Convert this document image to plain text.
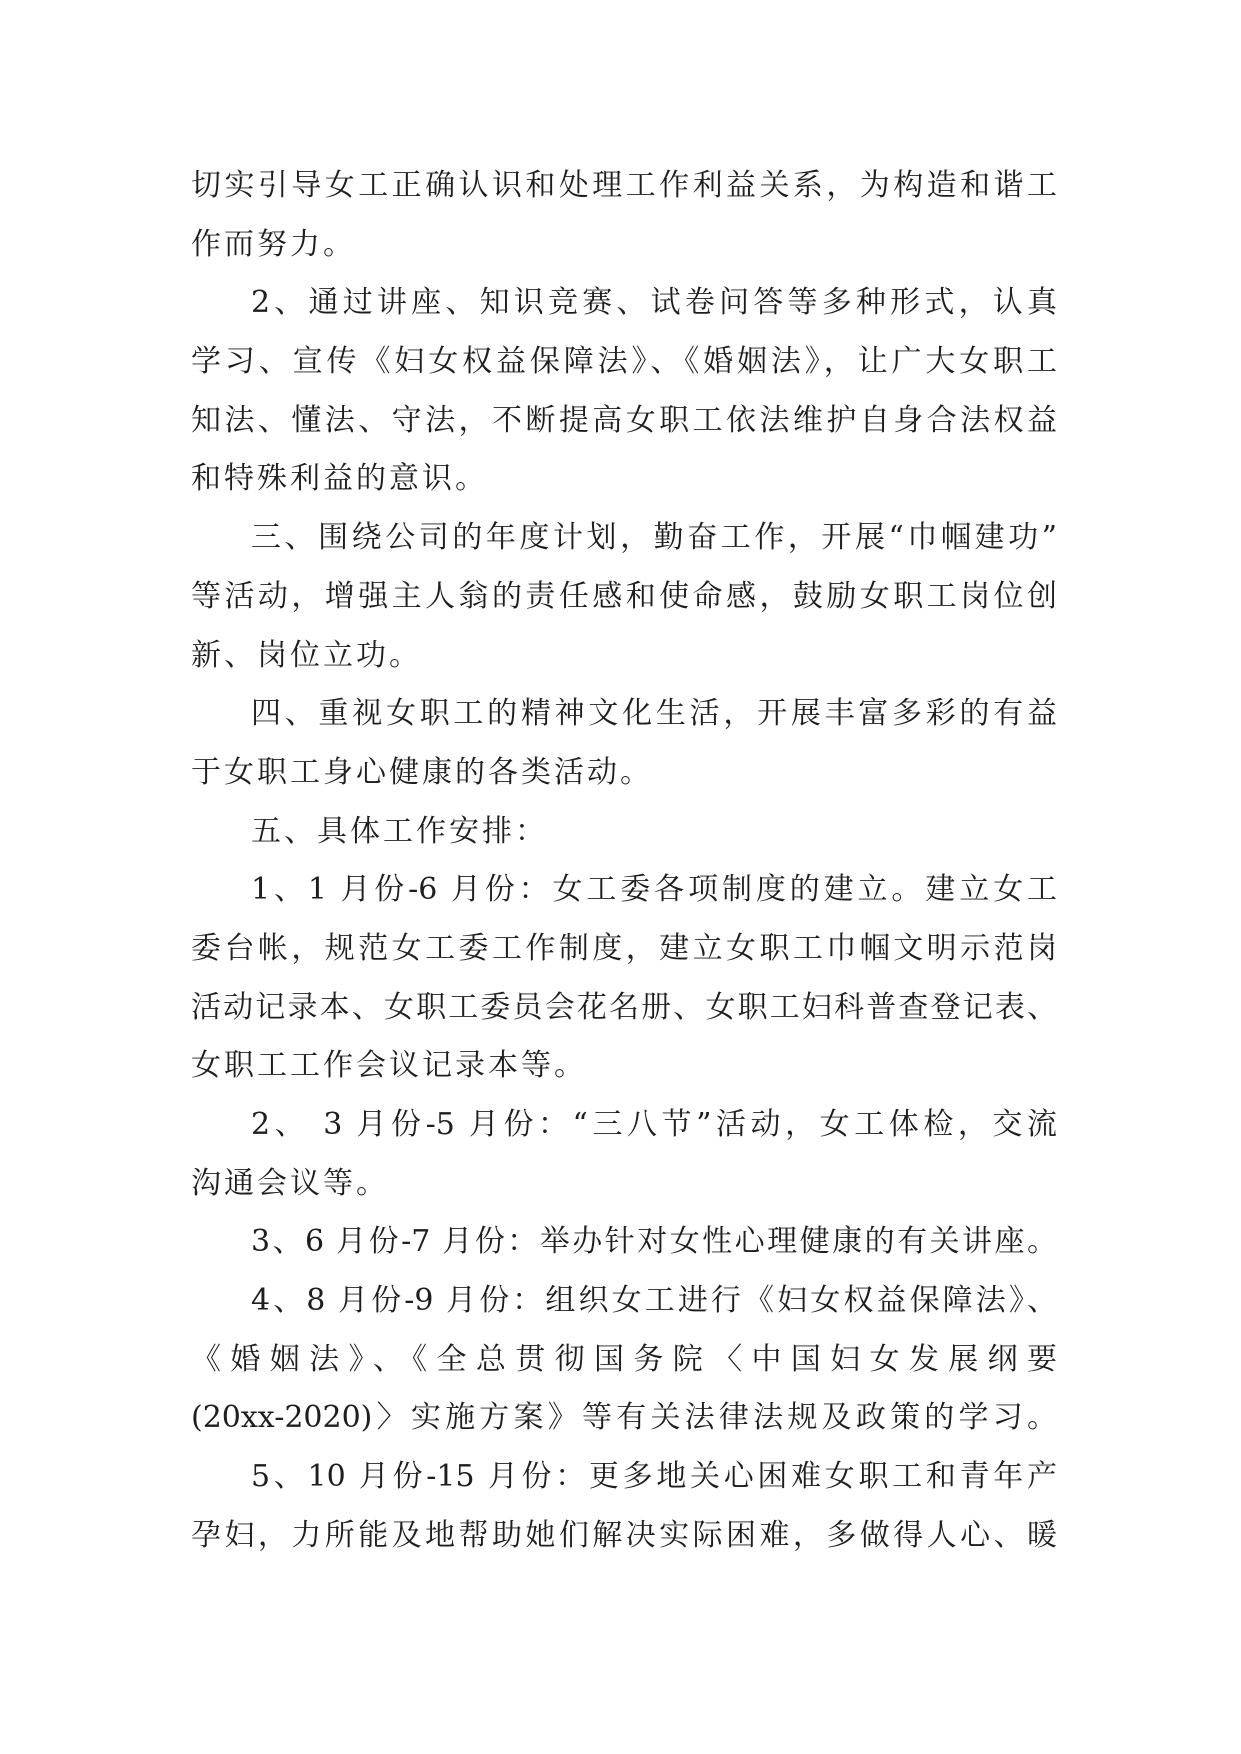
切实引导女工正确认识和处理工作利益关系，为构造和谐工
作而努力。
2、通过讲座、知识竞赛、试卷问答等多种形式，认真
学习、宣传《妇女权益保障法》、《婚姻法》，让广大女职工
知法、懂法、守法，不断提高女职工依法维护自身合法权益
和特殊利益的意识。
三、围绕公司的年度计划，勤奋工作，开展“巾帼建功”
等活动，增强主人翁的责任感和使命感，鼓励女职工岗位创
新、岗位立功。
四、重视女职工的精神文化生活，开展丰富多彩的有益
于女职工身心健康的各类活动。
五、具体工作安排：
1、1 月份-6 月份：女工委各项制度的建立。建立女工
委台帐，规范女工委工作制度，建立女职工巾帼文明示范岗
活动记录本、女职工委员会花名册、女职工妇科普查登记表、
女职工工作会议记录本等。
2、 3 月份-5 月份：“三八节”活动，女工体检，交流
沟通会议等。
3、6 月份-7 月份：举办针对女性心理健康的有关讲座。
4、8 月份-9 月份：组织女工进行《妇女权益保障法》、
《婚姻法》、《全总贯彻国务院〈中国妇女发展纲要
(20xx-2020)〉实施方案》等有关法律法规及政策的学习。
5、10 月份-15 月份：更多地关心困难女职工和青年产
孕妇，力所能及地帮助她们解决实际困难，多做得人心、暖
